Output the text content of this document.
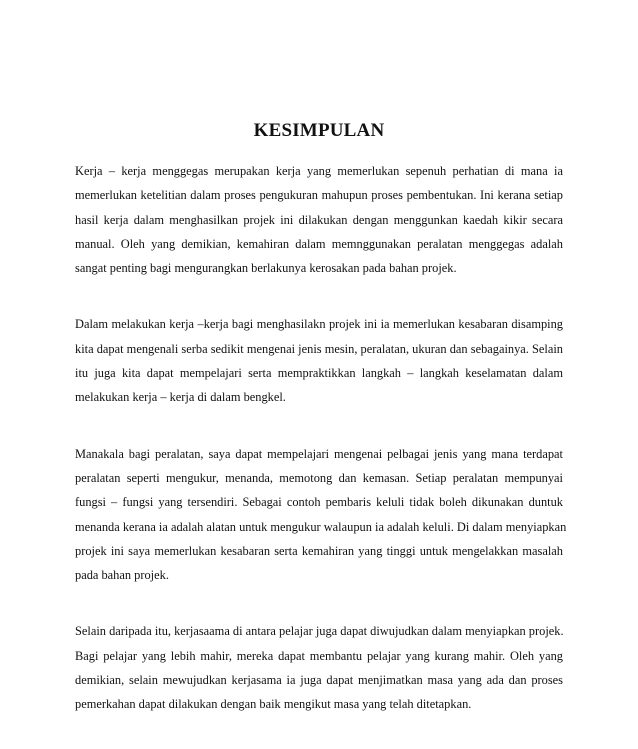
KESIMPULAN

Kerja – kerja menggegas merupakan kerja yang memerlukan sepenuh perhatian di mana ia
memerlukan ketelitian dalam proses pengukuran mahupun proses pembentukan. Ini kerana setiap
hasil kerja dalam menghasilkan projek ini dilakukan dengan menggunkan kaedah kikir secara
manual. Oleh yang demikian, kemahiran dalam memnggunakan peralatan menggegas adalah
sangat penting bagi mengurangkan berlakunya kerosakan pada bahan projek.

Dalam melakukan kerja –kerja bagi menghasilakn projek ini ia memerlukan kesabaran disamping
kita dapat mengenali serba sedikit mengenai jenis mesin, peralatan, ukuran dan sebagainya. Selain
itu juga kita dapat mempelajari serta mempraktikkan langkah – langkah keselamatan dalam
melakukan kerja – kerja di dalam bengkel.

Manakala bagi peralatan, saya dapat mempelajari mengenai pelbagai jenis yang mana terdapat
peralatan seperti mengukur, menanda, memotong dan kemasan. Setiap peralatan mempunyai
fungsi – fungsi yang tersendiri. Sebagai contoh pembaris keluli tidak boleh dikunakan duntuk
menanda kerana ia adalah alatan untuk mengukur walaupun ia adalah keluli. Di dalam menyiapkan
projek ini saya memerlukan kesabaran serta kemahiran yang tinggi untuk mengelakkan masalah
pada bahan projek.

Selain daripada itu, kerjasaama di antara pelajar juga dapat diwujudkan dalam menyiapkan projek.
Bagi pelajar yang lebih mahir, mereka dapat membantu pelajar yang kurang mahir. Oleh yang
demikian, selain mewujudkan kerjasama ia juga dapat menjimatkan masa yang ada dan proses
pemerkahan dapat dilakukan dengan baik mengikut masa yang telah ditetapkan.
